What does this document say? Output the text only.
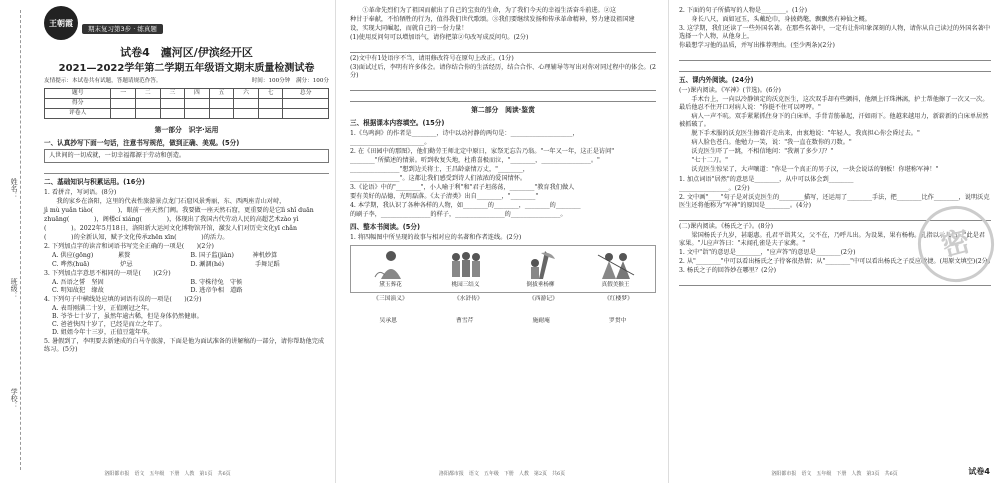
姓名：
班级：
学校：
王朝霞
期末复习第3步 · 练真题
试卷4　瀍河区/伊滨经开区
2021—2022学年第二学期五年级语文期末质量检测试卷
友情提示：本试卷共有试题，答题请规范作答。	时间：100分钟　满分：100分
题号	一	二	三	四	五	六	七	总分
得分								
评卷人								
第一部分　识字·运用
一、认真抄写下面一句话，注意书写规范，做到正确、美观。(5分)
人世间的一切成就，一切幸福都源于劳动和创造。
二、基础知识与积累运用。(16分)
1. 看拼音，写词语。(8分)
我的家乡在洛阳，这里的代表性旅游景点龙门石窟风景秀丽，东、西两座青山对峙，
jì mù yuǎn tiào(　　　　)，眼前一座天然门阙。我要做一座天然石窟，更重要的是它lì shǐ duān
zhuāng(　　　　)，阁楼cí xiáng(　　　　)，体现出了我国古代劳动人民的高超艺术zào yì
(　　　　)。2022年5月18日，洛阳新大运河文化博物馆开馆，激发人们对历史文化yī chǎn
(　　　　)的全新认知，赋予文化传承zhēn xīn(　　　　)的活力。
2. 下列加点字的读音和词语书写完全正确的一项是(　　)(2分)
A. 供应(gōng)　　　　累赘	B. 国子监(jiàn)　　　神机妙算
C. 哗然(huā)　　　　　炉忌	D. 涮涸(hé)　　　　　手舞足蹈
3. 下列加点字意思不相同的一项是(　　)(2分)
A. 吾语之誓　坚固	B. 守株待兔　守候
C. 明知故犯　缘故	D. 逃帝争相　道路
4. 下列句子中横线处应填的词语有误的一项是(　　)(2分)
A. 表哥刚满二十岁，正值刚冠之年。
B. 爷爷七十岁了，虽然年逾古稀，但是身体仍然健康。
C. 爸爸快四十岁了，已经是而立之年了。
D. 姐姐今年十三岁，正值豆蔻年华。
5. 暑假到了，李明要去新建成的白马寺旅游，下面是他为面试准备的讲解稿的一部分，请你帮助他完成练习。(5分)
洛阳都市报　语文　五年级　下册　人教　第1页　共6页
①革命先烈们为了祖国而献出了自己的宝贵的生命，为了我们今天的幸福生活奋斗前进。②这
种甘于奉献，不怕牺牲的行为，值得我们世代歌颂。③我们要继续发扬和传承革命精神，努力建设祖国建
设，实现大同崛起，而就自己的一份力量！
(1)使用反问句可以增加语气，请你把第②句改写成反问句。(2分)
(2)文中有1处语序不当，请用修改符号在原句上改正。(1分)
(3)面试过后，李明有许多体会。请你结合你的生活经历，结合合作、心理辅导等写出对你对同过程中的体会。(2分)
第二部分　阅读·鉴赏
三、根据课本内容填空。(15分)
1.《鸟鸣涧》的作者是________，诗中以动衬静的两句是：____________________，
________________________。
2. 在《田园中的那图》，他们勤劳王师北定中原日，家祭无忘告乃翁。"一年又一年，这正是访问"
________"所描述的情景。听到收复失地，杜甫喜极而泣，"________，________________。"
________________"想到边关将士，王昌龄豪情万丈，"________，
________________"。这都让我们感受到诗人们浓浓的爱国情怀。
3.《论语》中的"________"，小人喻于利"和"君子坦荡荡，________"教育我们做人
要有美好的品德，光明磊落。《太子清类》出自________，"________"
4. 本学期，我认识了各种各样的人物，如________的________，________的________
的刷子李，________________的样子，________________的________________。
四、整本书阅读。(5分)
1. 将四幅图中所呈现的故事与相对应的名著和作者连线。(2分)
黛玉葬花	桃园三结义	倒拔垂杨柳	真假美猴王
《三国演义》	《水浒传》	《西游记》	《红楼梦》
吴承恩	曹雪芹	施耐庵	罗贯中
洛阳都市报　语文　五年级　下册　人教　第2页　共6页
2. 下面的句子所描写的人物是________。(1分)
身长八尺，面如冠玉，头戴纶巾，身披鹤氅，飘飘然有神仙之概。
3. 这学期，我们还读了一些外国名著。在那些名著中，一定有让你印象深刻的人物，请你从自己读过的外国名著中选择一个人物，从他身上，
你最想学习他的品质，并写出推荐理由。(至少两条)(2分)
五、课内外阅读。(24分)
(一)课内阅读。《军神》(节选)。(6分)
手术台上，一向以冷静镇定的沃克医生，这次双手却有些颤抖，他额上汗珠淋漓，护士帮他擦了一次又一次。最后他忍不住开口对病人说："你挺不住可以哼哼。"
病人一声不吭。双手紧紧抓住身下的白床单，手背青筋暴起，汗如雨下。他越来越用力，新崭新的白床单居然被抓破了。
脱下手术服的沃克医生擦着汗走出来，由衷地说："年轻人，我真担心你会昏过去。"
病人脸色苍白。他勉力一笑，说："我一直在数你的刀数。"
沃克医生吓了一跳，不相信地问："我割了多少刀？"
"七十二刀。"
沃克医生惊呆了，大声嚷道："你是一个真正的男子汉，一块会说话的钢板！你堪称军神！"
1. 加点词语"居然"的意思是________，从中可以体会到________
________________。(2分)
2. 文中画"____"句子是对沃克医生的________描写，还运用了________手法，把________比作________，说明沃克医生还将他称为"军神"的原因是________。(4分)
(二)课内阅读。《杨氏之子》。(8分)
梁国杨氏子九岁，甚聪惠。孔君平诣其父，父不在，乃呼儿出。为设果，果有杨梅。孔指以示儿曰："此是君家果。"儿应声答曰："未闻孔雀是夫子家禽。"
1. 文中"诣"的意思是________，"应声答"的意思是________(2分)
2. 从"________"中可以看出杨氏之子待客很热情；从"________"中可以看出杨氏之子反应敏捷。(用原文填空)(2分)
3. 杨氏之子的回答妙在哪里？(2分)
密
洛阳都市报　语文　五年级　下册　人教　第3页　共6页	试卷4
